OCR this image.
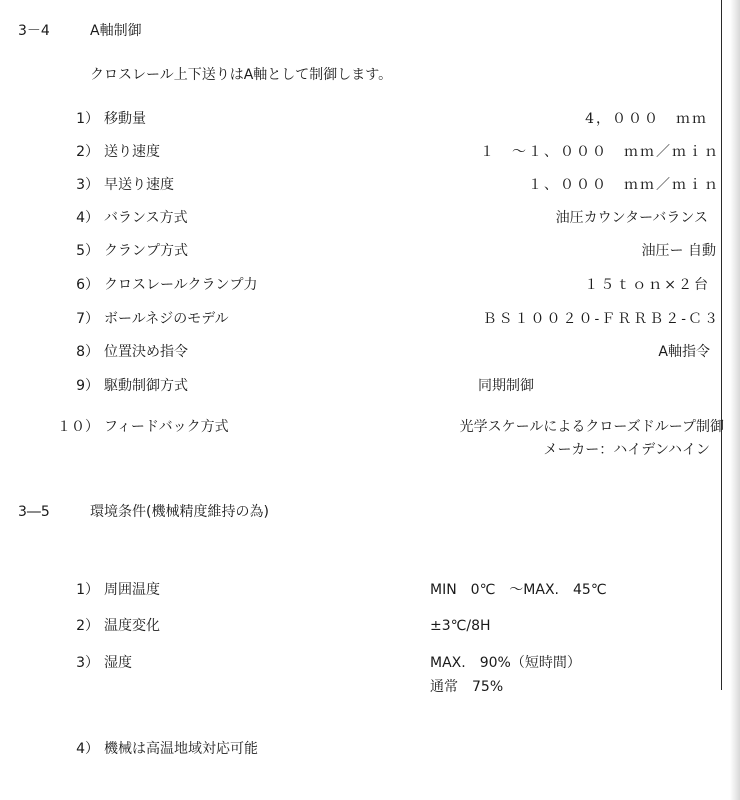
3－4	A軸制御
クロスレール上下送りはA軸として制御します。
1） 移動量	4，０００　ｍｍ
2） 送り速度	１　～１、０００　ｍｍ／ｍｉｎ
3） 早送り速度	１、０００　ｍｍ／ｍｉｎ
4） バランス方式	油圧カウンターバランス
5） クランプ方式	油圧ー 自動
6） クロスレールクランプ力	１５ｔｏｎ×２台
7） ボールネジのモデル	ＢＳ１００２０-ＦＲＲＢ２-Ｃ３
8） 位置決め指令	A軸指令
9） 駆動制御方式	同期制御
１０） フィードバック方式	光学スケールによるクローズドループ制御
メーカー：ハイデンハイン
3―5	環境条件(機械精度維持の為)
1） 周囲温度	MIN　0℃　～MAX.　45℃
2） 温度変化	±3℃/8H
3） 湿度	MAX.　90%（短時間）
通常　75%
4） 機械は高温地域対応可能
